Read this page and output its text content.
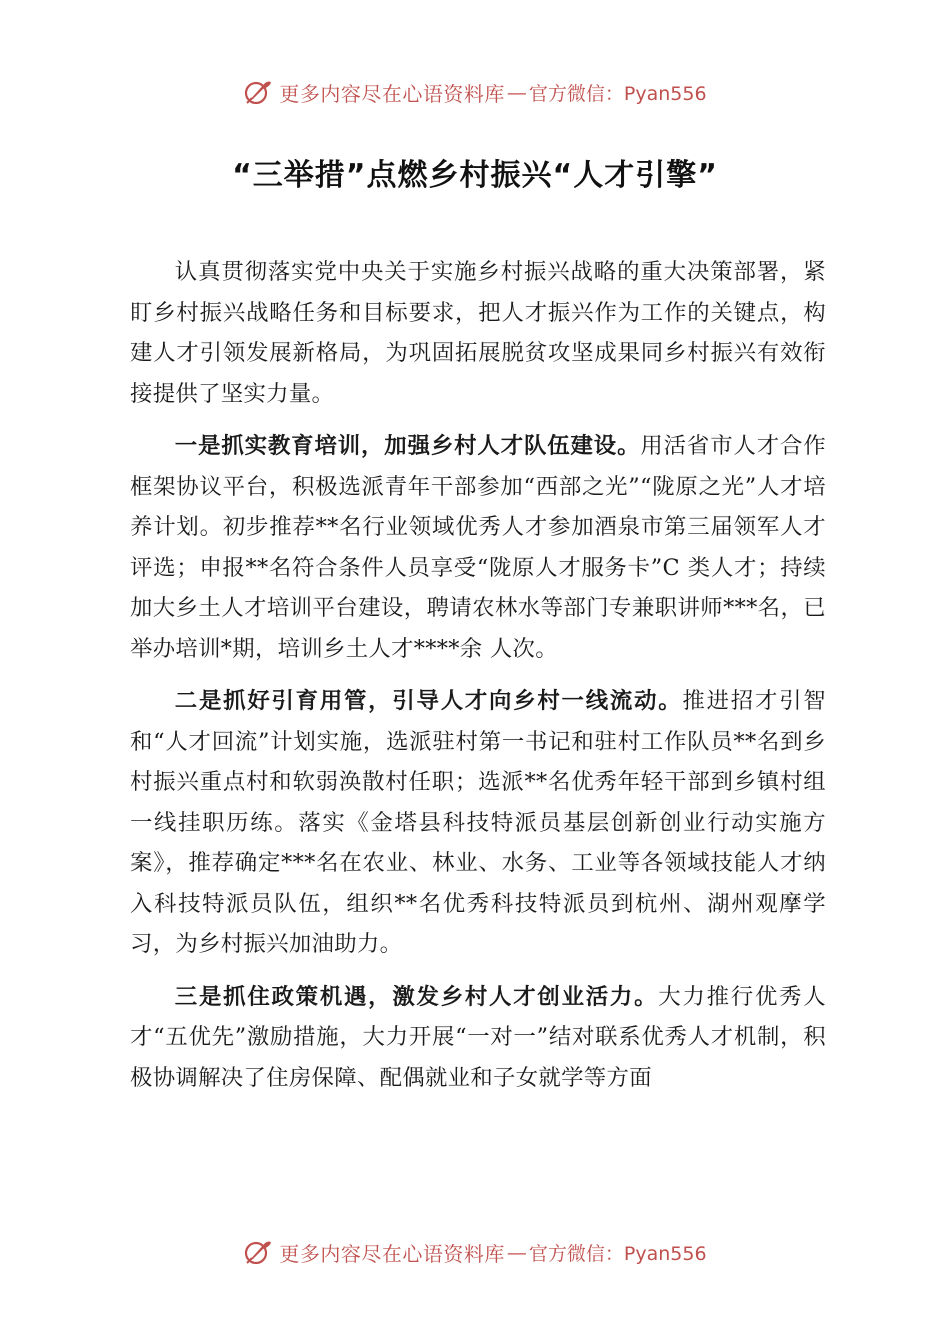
更多内容尽在心语资料库 — 官方微信：Pyan556
“三举措”点燃乡村振兴“人才引擎”

认真贯彻落实党中央关于实施乡村振兴战略的重大决策部署，紧盯乡村振兴战略任务和目标要求，把人才振兴作为工作的关键点，构建人才引领发展新格局，为巩固拓展脱贫攻坚成果同乡村振兴有效衔接提供了坚实力量。

一是抓实教育培训，加强乡村人才队伍建设。用活省市人才合作框架协议平台，积极选派青年干部参加“西部之光”“陇原之光”人才培养计划。初步推荐**名行业领域优秀人才参加酒泉市第三届领军人才评选；申报**名符合条件人员享受“陇原人才服务卡”C 类人才；持续加大乡土人才培训平台建设，聘请农林水等部门专兼职讲师***名，已举办培训*期，培训乡土人才****余 人次。

二是抓好引育用管，引导人才向乡村一线流动。推进招才引智和“人才回流”计划实施，选派驻村第一书记和驻村工作队员**名到乡村振兴重点村和软弱涣散村任职；选派**名优秀年轻干部到乡镇村组一线挂职历练。落实《金塔县科技特派员基层创新创业行动实施方案》，推荐确定***名在农业、林业、水务、工业等各领域技能人才纳入科技特派员队伍，组织**名优秀科技特派员到杭州、湖州观摩学习，为乡村振兴加油助力。

三是抓住政策机遇，激发乡村人才创业活力。大力推行优秀人才“五优先”激励措施，大力开展“一对一”结对联系优秀人才机制，积极协调解决了住房保障、配偶就业和子女就学等方面

更多内容尽在心语资料库 — 官方微信：Pyan556
